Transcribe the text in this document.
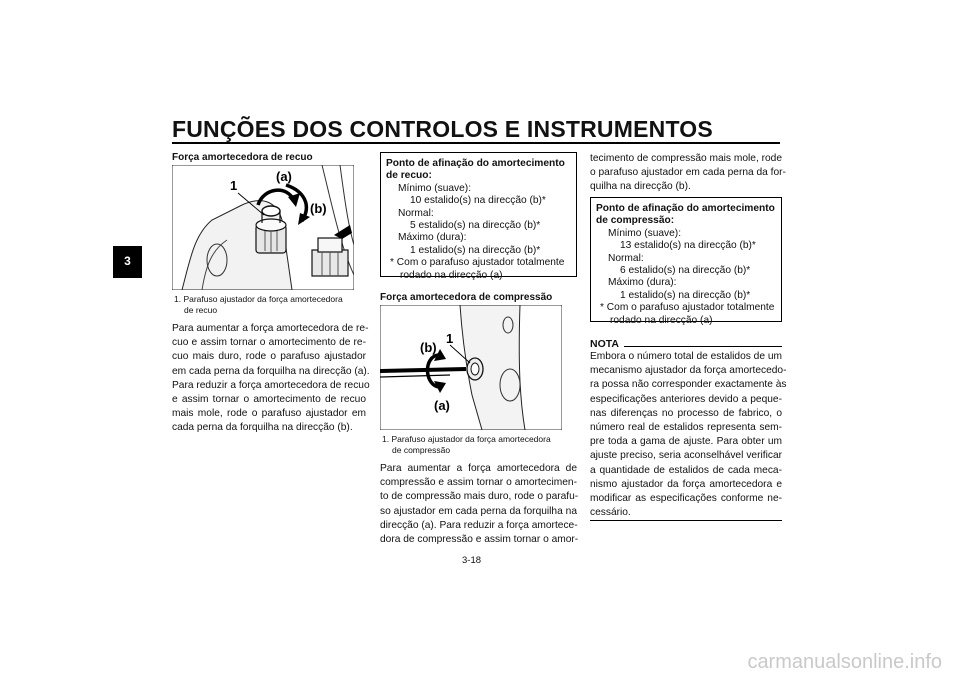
FUNÇÕES DOS CONTROLOS E INSTRUMENTOS
3
Força amortecedora de recuo
1
(a)
(b)
1. Parafuso ajustador da força amortecedora
de recuo
Para aumentar a força amortecedora de re-
cuo e assim tornar o amortecimento de re-
cuo mais duro, rode o parafuso ajustador
em cada perna da forquilha na direcção (a).
Para reduzir a força amortecedora de recuo
e assim tornar o amortecimento de recuo
mais mole, rode o parafuso ajustador em
cada perna da forquilha na direcção (b).
Ponto de afinação do amortecimento
de recuo:
Mínimo (suave):
10 estalido(s) na direcção (b)*
Normal:
5 estalido(s) na direcção (b)*
Máximo (dura):
1 estalido(s) na direcção (b)*
* Com o parafuso ajustador totalmente
rodado na direcção (a)
Força amortecedora de compressão
(b)
1
(a)
1. Parafuso ajustador da força amortecedora
de compressão
Para aumentar a força amortecedora de
compressão e assim tornar o amortecimen-
to de compressão mais duro, rode o parafu-
so ajustador em cada perna da forquilha na
direcção (a). Para reduzir a força amortece-
dora de compressão e assim tornar o amor-
tecimento de compressão mais mole, rode
o parafuso ajustador em cada perna da for-
quilha na direcção (b).
Ponto de afinação do amortecimento
de compressão:
Mínimo (suave):
13 estalido(s) na direcção (b)*
Normal:
6 estalido(s) na direcção (b)*
Máximo (dura):
1 estalido(s) na direcção (b)*
* Com o parafuso ajustador totalmente
rodado na direcção (a)
NOTA
Embora o número total de estalidos de um
mecanismo ajustador da força amortecedo-
ra possa não corresponder exactamente às
especificações anteriores devido a peque-
nas diferenças no processo de fabrico, o
número real de estalidos representa sem-
pre toda a gama de ajuste. Para obter um
ajuste preciso, seria aconselhável verificar
a quantidade de estalidos de cada meca-
nismo ajustador da força amortecedora e
modificar as especificações conforme ne-
cessário.
3-18
carmanualsonline.info
